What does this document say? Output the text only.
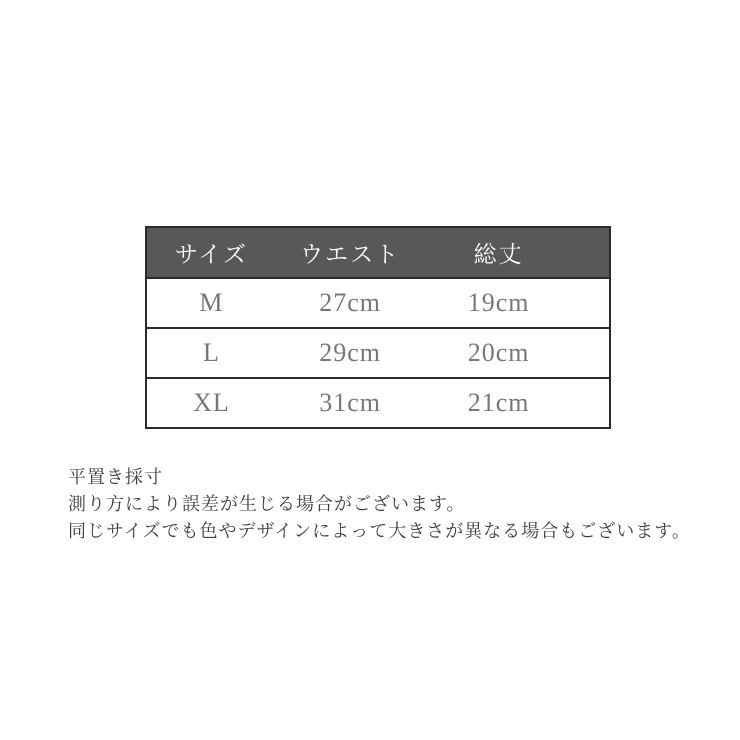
サイズ	ウエスト	総丈	
M	27cm	19cm	
L	29cm	20cm	
XL	31cm	21cm	

平置き採寸

測り方により誤差が生じる場合がございます。

同じサイズでも色やデザインによって大きさが異なる場合もございます。
